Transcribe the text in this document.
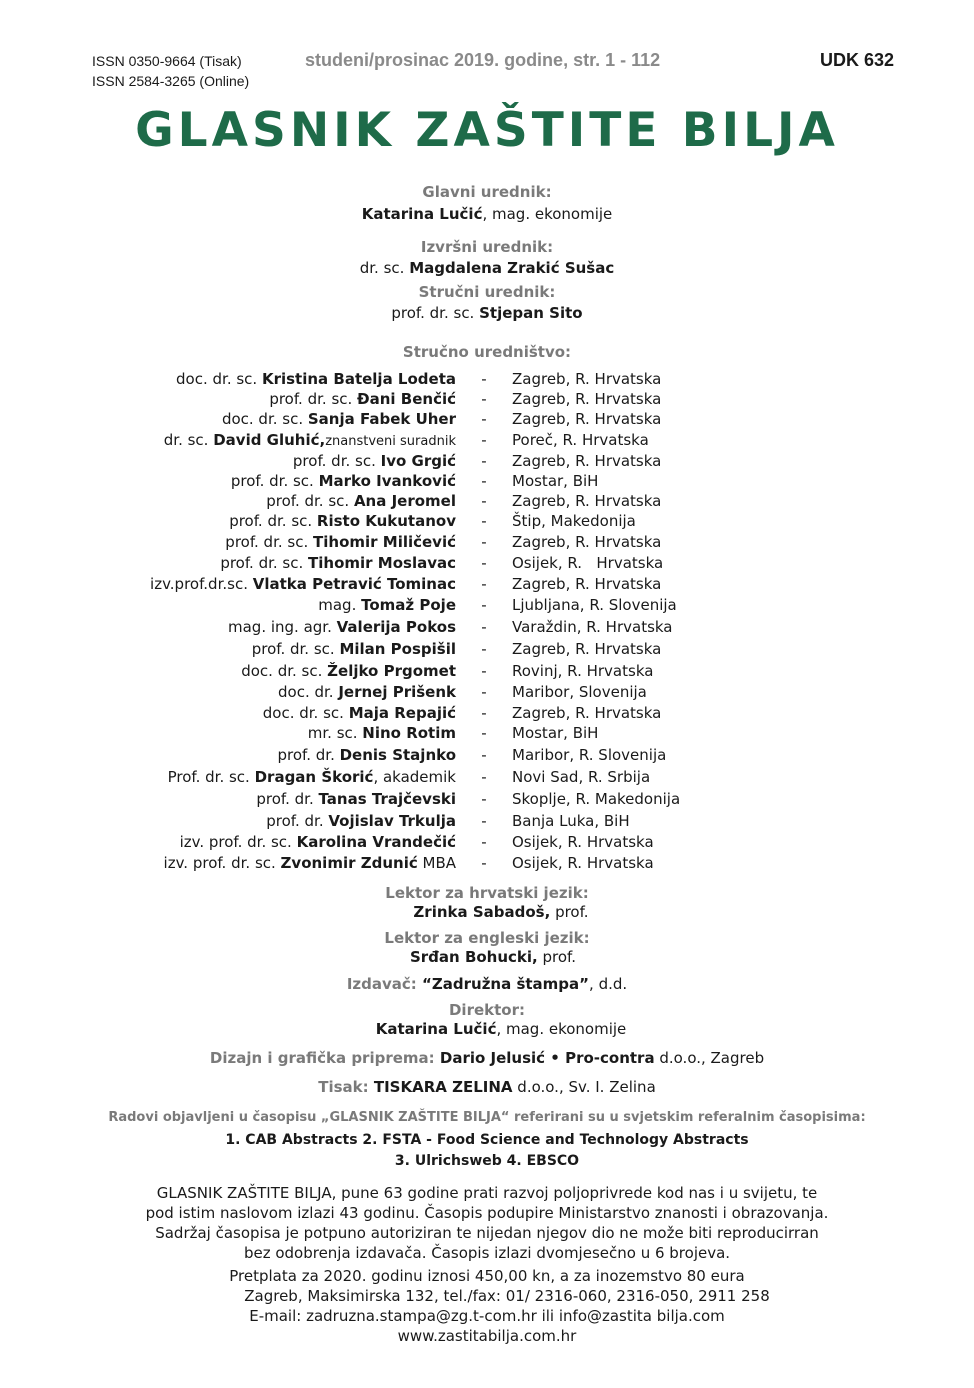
ISSN 0350-9664 (Tisak)
ISSN 2584-3265 (Online)
studeni/prosinac 2019. godine, str. 1 - 112	UDK 632
GLASNIK ZAŠTITE BILJA
Glavni urednik:
Katarina Lučić, mag. ekonomije
Izvršni urednik:
dr. sc. Magdalena Zrakić Sušac
Stručni urednik:
prof. dr. sc. Stjepan Sito
Stručno uredništvo:
doc. dr. sc. Kristina Batelja Lodeta - Zagreb, R. Hrvatska
prof. dr. sc. Đani Benčić - Zagreb, R. Hrvatska
doc. dr. sc. Sanja Fabek Uher - Zagreb, R. Hrvatska
dr. sc. David Gluhić,znanstveni suradnik - Poreč, R. Hrvatska
prof. dr. sc. Ivo Grgić - Zagreb, R. Hrvatska
prof. dr. sc. Marko Ivanković - Mostar, BiH
prof. dr. sc. Ana Jeromel - Zagreb, R. Hrvatska
prof. dr. sc. Risto Kukutanov - Štip, Makedonija
prof. dr. sc. Tihomir Miličević - Zagreb, R. Hrvatska
prof. dr. sc. Tihomir Moslavac - Osijek, R.   Hrvatska
izv.prof.dr.sc. Vlatka Petravić Tominac - Zagreb, R. Hrvatska
mag. Tomaž Poje - Ljubljana, R. Slovenija
mag. ing. agr. Valerija Pokos - Varaždin, R. Hrvatska
prof. dr. sc. Milan Pospišil - Zagreb, R. Hrvatska
doc. dr. sc. Željko Prgomet - Rovinj, R. Hrvatska
doc. dr. Jernej Prišenk - Maribor, Slovenija
doc. dr. sc. Maja Repajić - Zagreb, R. Hrvatska
mr. sc. Nino Rotim - Mostar, BiH
prof. dr. Denis Stajnko - Maribor, R. Slovenija
Prof. dr. sc. Dragan Škorić, akademik - Novi Sad, R. Srbija
prof. dr. Tanas Trajčevski - Skoplje, R. Makedonija
prof. dr. Vojislav Trkulja - Banja Luka, BiH
izv. prof. dr. sc. Karolina Vrandečić - Osijek, R. Hrvatska
izv. prof. dr. sc. Zvonimir Zdunić MBA - Osijek, R. Hrvatska
Lektor za hrvatski jezik:
Zrinka Sabadoš, prof.
Lektor za engleski jezik:
Srđan Bohucki, prof.
Izdavač: “Zadružna štampa”, d.d.
Direktor:
Katarina Lučić, mag. ekonomije
Dizajn i grafička priprema: Dario Jelusić • Pro-contra d.o.o., Zagreb
Tisak: TISKARA ZELINA d.o.o., Sv. I. Zelina
Radovi objavljeni u časopisu „GLASNIK ZAŠTITE BILJA“ referirani su u svjetskim referalnim časopisima:
1. CAB Abstracts 2. FSTA - Food Science and Technology Abstracts
3. Ulrichsweb 4. EBSCO
GLASNIK ZAŠTITE BILJA, pune 63 godine prati razvoj poljoprivrede kod nas i u svijetu, te
pod istim naslovom izlazi 43 godinu. Časopis podupire Ministarstvo znanosti i obrazovanja.
Sadržaj časopisa je potpuno autoriziran te nijedan njegov dio ne može biti reproducirran
bez odobrenja izdavača. Časopis izlazi dvomjesečno u 6 brojeva.
Pretplata za 2020. godinu iznosi 450,00 kn, a za inozemstvo 80 eura
Zagreb, Maksimirska 132, tel./fax: 01/ 2316-060, 2316-050, 2911 258
E-mail: zadruzna.stampa@zg.t-com.hr ili info@zastita bilja.com
www.zastitabilja.com.hr
